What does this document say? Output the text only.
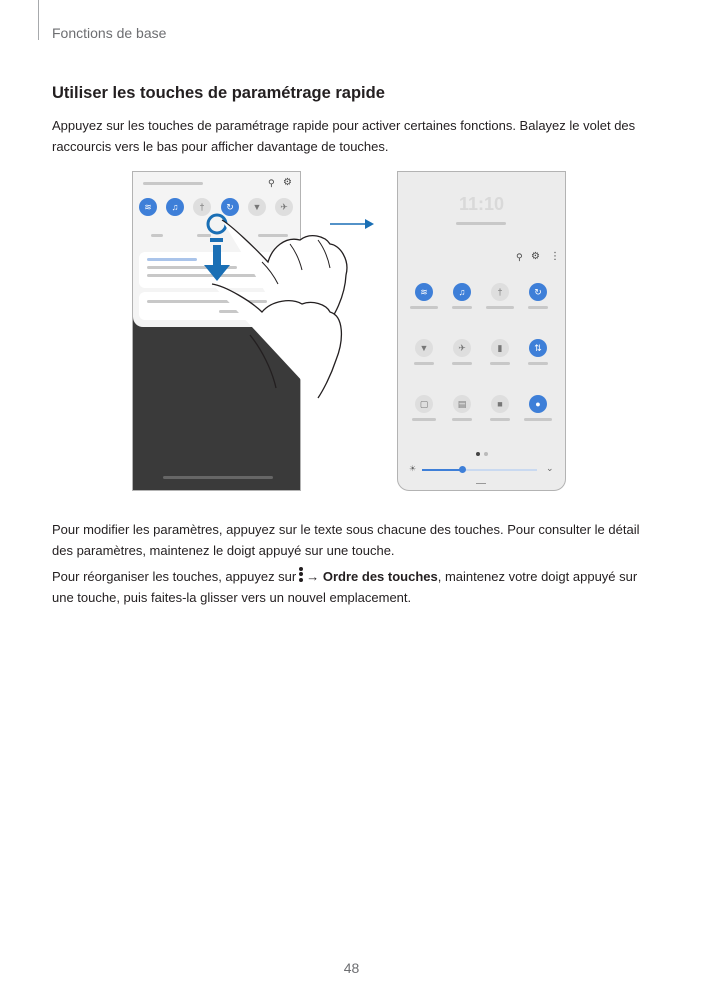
Fonctions de base
Utiliser les touches de paramétrage rapide

Appuyez sur les touches de paramétrage rapide pour activer certaines fonctions. Balayez le volet des raccourcis vers le bas pour afficher davantage de touches.

⚲ ⚙
≋	♫	†	↻	▼	✈	11:10
⚲ ⚙ ⋮
≋	♫	†	↻
▼	✈	▮	⇅
▢	▤	■	●
☀	⌄

Pour modifier les paramètres, appuyez sur le texte sous chacune des touches. Pour consulter le détail des paramètres, maintenez le doigt appuyé sur une touche.

Pour réorganiser les touches, appuyez sur → Ordre des touches, maintenez votre doigt appuyé sur une touche, puis faites-la glisser vers un nouvel emplacement.

48
